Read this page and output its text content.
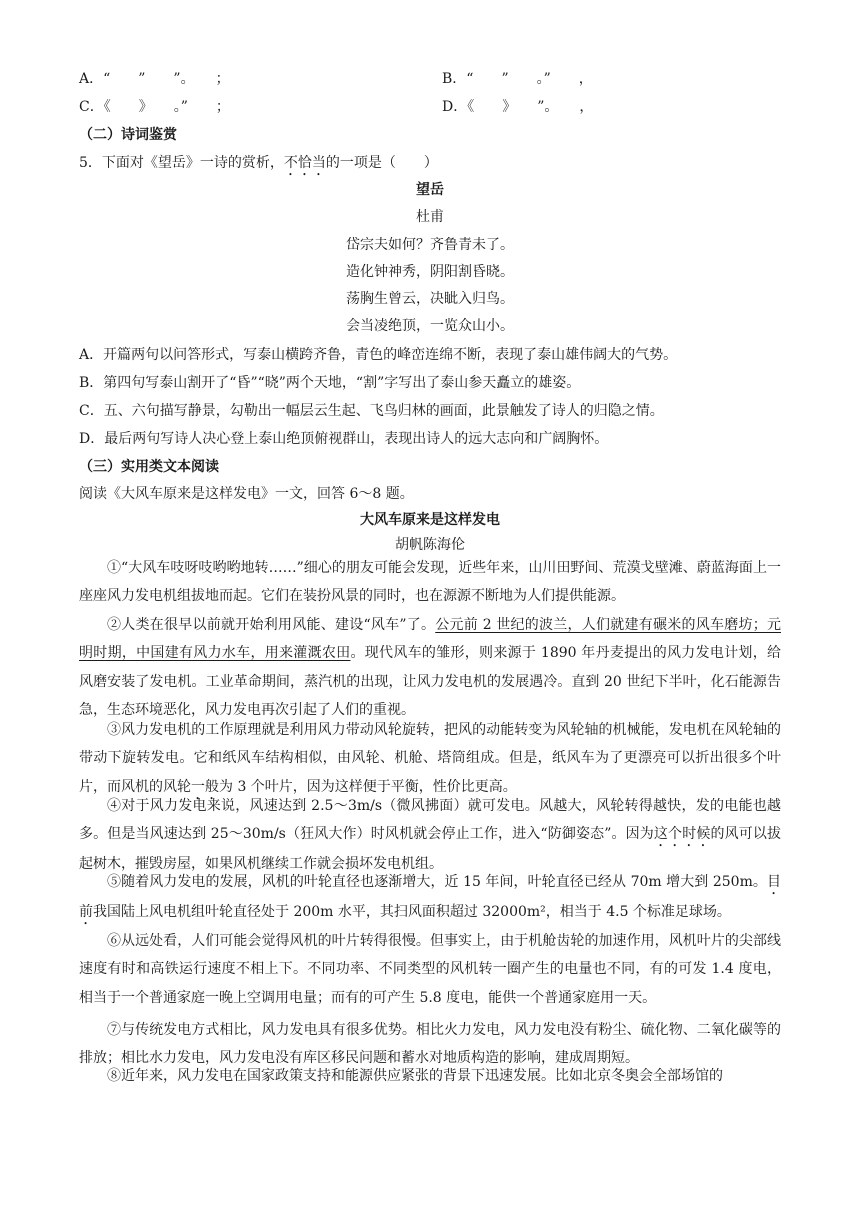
A．“　　”　　”。　　；	B．“　　”　　。”　　，
C．《　　》　　。”　　；	D．《　　》　　”。　　，
（二）诗词鉴赏
5．下面对《望岳》一诗的赏析，不恰当的一项是（　　）
望岳
杜甫
岱宗夫如何？齐鲁青未了。
造化钟神秀，阴阳割昏晓。
荡胸生曾云，决眦入归鸟。
会当凌绝顶，一览众山小。
A．开篇两句以问答形式，写泰山横跨齐鲁，青色的峰峦连绵不断，表现了泰山雄伟阔大的气势。
B．第四句写泰山割开了“昏”“晓”两个天地，“割”字写出了泰山参天矗立的雄姿。
C．五、六句描写静景，勾勒出一幅层云生起、飞鸟归林的画面，此景触发了诗人的归隐之情。
D．最后两句写诗人决心登上泰山绝顶俯视群山，表现出诗人的远大志向和广阔胸怀。
（三）实用类文本阅读
阅读《大风车原来是这样发电》一文，回答 6～8 题。
大风车原来是这样发电
胡帆陈海伦
①“大风车吱呀吱哟哟地转……”细心的朋友可能会发现，近些年来，山川田野间、荒漠戈壁滩、蔚蓝海面上一座座风力发电机组拔地而起。它们在装扮风景的同时，也在源源不断地为人们提供能源。
②人类在很早以前就开始利用风能、建设“风车”了。公元前 2 世纪的波兰，人们就建有碾米的风车磨坊；元明时期，中国建有风力水车，用来灌溉农田。现代风车的雏形，则来源于 1890 年丹麦提出的风力发电计划，给风磨安装了发电机。工业革命期间，蒸汽机的出现，让风力发电机的发展遇冷。直到 20 世纪下半叶，化石能源告急，生态环境恶化，风力发电再次引起了人们的重视。
③风力发电机的工作原理就是利用风力带动风轮旋转，把风的动能转变为风轮轴的机械能，发电机在风轮轴的带动下旋转发电。它和纸风车结构相似，由风轮、机舱、塔筒组成。但是，纸风车为了更漂亮可以折出很多个叶片，而风机的风轮一般为 3 个叶片，因为这样便于平衡，性价比更高。
④对于风力发电来说，风速达到 2.5～3m/s（微风拂面）就可发电。风越大，风轮转得越快，发的电能也越多。但是当风速达到 25～30m/s（狂风大作）时风机就会停止工作，进入“防御姿态”。因为这个时候的风可以拔起树木，摧毁房屋，如果风机继续工作就会损坏发电机组。
⑤随着风力发电的发展，风机的叶轮直径也逐渐增大，近 15 年间，叶轮直径已经从 70m 增大到 250m。目前我国陆上风电机组叶轮直径处于 200m 水平，其扫风面积超过 32000m²，相当于 4.5 个标准足球场。
⑥从远处看，人们可能会觉得风机的叶片转得很慢。但事实上，由于机舱齿轮的加速作用，风机叶片的尖部线速度有时和高铁运行速度不相上下。不同功率、不同类型的风机转一圈产生的电量也不同，有的可发 1.4 度电，相当于一个普通家庭一晚上空调用电量；而有的可产生 5.8 度电，能供一个普通家庭用一天。
⑦与传统发电方式相比，风力发电具有很多优势。相比火力发电，风力发电没有粉尘、硫化物、二氧化碳等的排放；相比水力发电，风力发电没有库区移民问题和蓄水对地质构造的影响，建成周期短。
⑧近年来，风力发电在国家政策支持和能源供应紧张的背景下迅速发展。比如北京冬奥会全部场馆的
